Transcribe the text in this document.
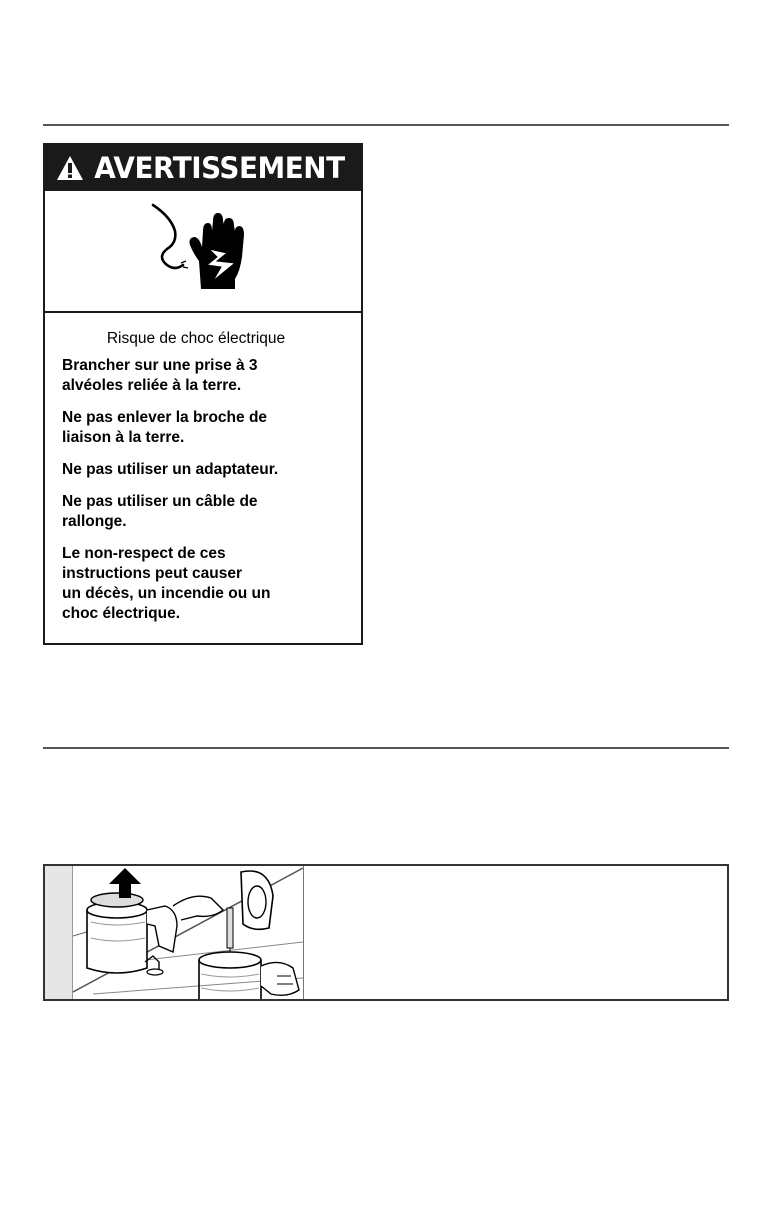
AVERTISSEMENT

Risque de choc électrique

Brancher sur une prise à 3
alvéoles reliée à la terre.

Ne pas enlever la broche de
liaison à la terre.

Ne pas utiliser un adaptateur.

Ne pas utiliser un câble de
rallonge.

Le non-respect de ces
instructions peut causer
un décès, un incendie ou un
choc électrique.
